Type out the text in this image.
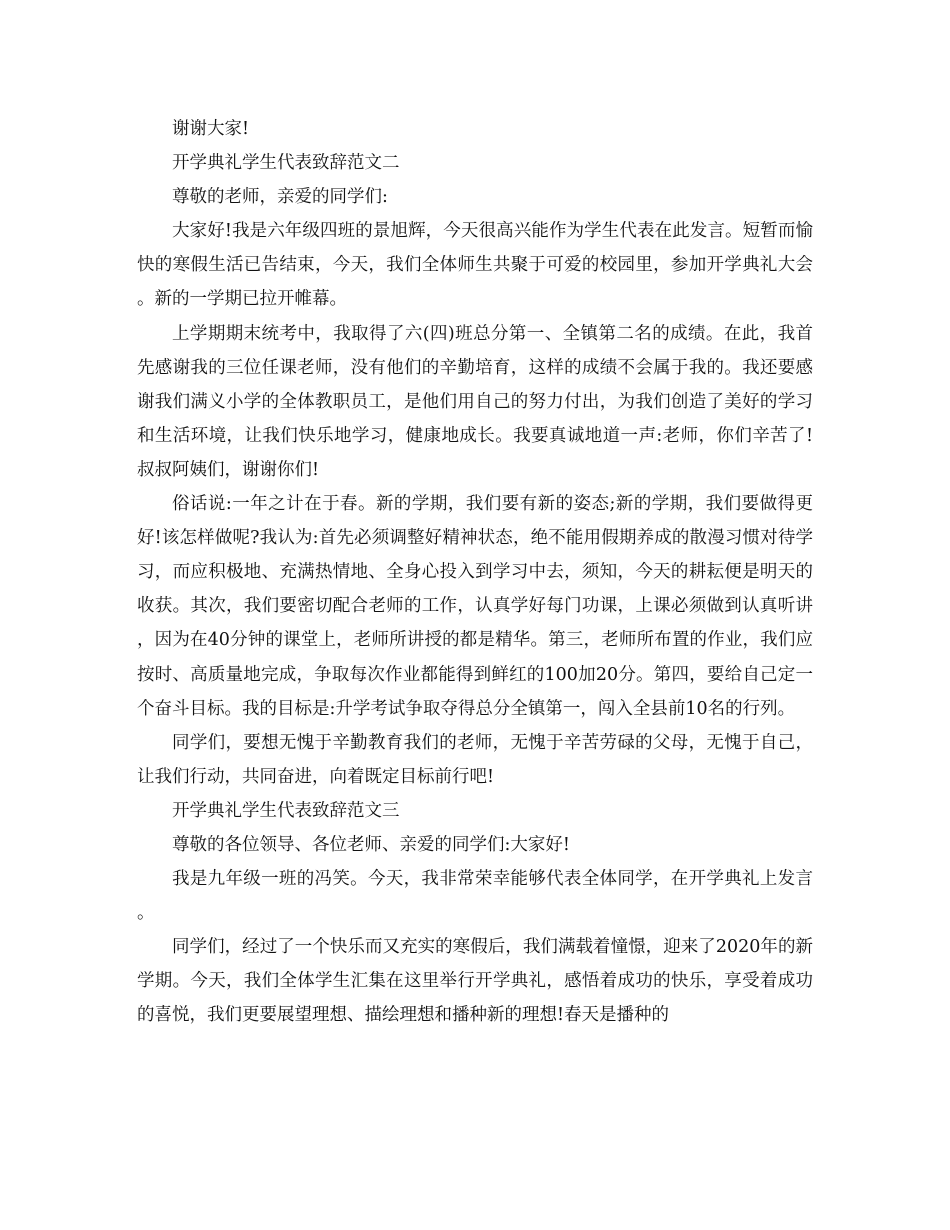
谢谢大家!

开学典礼学生代表致辞范文二

尊敬的老师，亲爱的同学们:

大家好!我是六年级四班的景旭辉，今天很高兴能作为学生代表在此发言。短暂而愉快的寒假生活已告结束，今天，我们全体师生共聚于可爱的校园里，参加开学典礼大会。新的一学期已拉开帷幕。

上学期期末统考中，我取得了六(四)班总分第一、全镇第二名的成绩。在此，我首先感谢我的三位任课老师，没有他们的辛勤培育，这样的成绩不会属于我的。我还要感谢我们满义小学的全体教职员工，是他们用自己的努力付出，为我们创造了美好的学习和生活环境，让我们快乐地学习，健康地成长。我要真诚地道一声:老师，你们辛苦了!叔叔阿姨们，谢谢你们!

俗话说:一年之计在于春。新的学期，我们要有新的姿态;新的学期，我们要做得更好!该怎样做呢?我认为:首先必须调整好精神状态，绝不能用假期养成的散漫习惯对待学习，而应积极地、充满热情地、全身心投入到学习中去，须知，今天的耕耘便是明天的收获。其次，我们要密切配合老师的工作，认真学好每门功课，上课必须做到认真听讲，因为在40分钟的课堂上，老师所讲授的都是精华。第三，老师所布置的作业，我们应按时、高质量地完成，争取每次作业都能得到鲜红的100加20分。第四，要给自己定一个奋斗目标。我的目标是:升学考试争取夺得总分全镇第一，闯入全县前10名的行列。

同学们，要想无愧于辛勤教育我们的老师，无愧于辛苦劳碌的父母，无愧于自己，让我们行动，共同奋进，向着既定目标前行吧!

开学典礼学生代表致辞范文三

尊敬的各位领导、各位老师、亲爱的同学们:大家好!

我是九年级一班的冯笑。今天，我非常荣幸能够代表全体同学，在开学典礼上发言。

同学们，经过了一个快乐而又充实的寒假后，我们满载着憧憬，迎来了2020年的新学期。今天，我们全体学生汇集在这里举行开学典礼，感悟着成功的快乐，享受着成功的喜悦，我们更要展望理想、描绘理想和播种新的理想!春天是播种的
